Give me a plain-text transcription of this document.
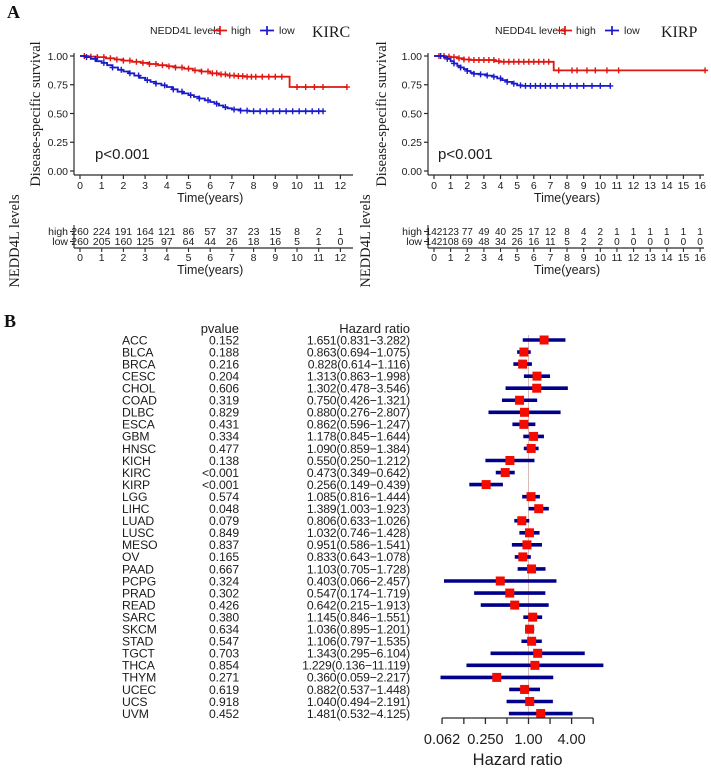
A
B
NEDD4L levels high	low KIRC
1.00
0.75
0.50
0.25
0.00
0 1 2 3 4 5 6 7 8 9 10 11 12
Time(years)
Disease-specific survival	p<0.001
NEDD4L levels high 260 224 191 164 121 86 57 37 23 15 8 2 1
low 260 205 160 125 97 64 44 26 18 16 5 1 0
0 1 2 3 4 5 6 7 8 9 10 11 12
Time(years)
NEDD4L levels high	low KIRP
1.00
0.75
0.50
0.25
0.00
0 1 2 3 4 5 6 7 8 9 10 11 12 13 14 15 16
Time(years)
Disease-specific survival	p<0.001
NEDD4L levels	high 142 123 77 49 40 25 17 12 8 4 2 1 1 1 1 1 1
low 142 108 69 48 34 26 16 11 5 2 2 0 0 0 0 0 0
0 1 2 3 4 5 6 7 8 9 10 11 12 13 14 15 16
Time(years)
pvalue	Hazard ratio
ACC	0.152	1.651(0.831−3.282)
BLCA	0.188	0.863(0.694−1.075)
BRCA	0.216	0.828(0.614−1.116)
CESC	0.204	1.313(0.863−1.998)
CHOL	0.606	1.302(0.478−3.546)
COAD	0.319	0.750(0.426−1.321)
DLBC	0.829	0.880(0.276−2.807)
ESCA	0.431	0.862(0.596−1.247)
GBM	0.334	1.178(0.845−1.644)
HNSC	0.477	1.090(0.859−1.384)
KICH	0.138	0.550(0.250−1.212)
KIRC	<0.001	0.473(0.349−0.642)
KIRP	<0.001	0.256(0.149−0.439)
LGG	0.574	1.085(0.816−1.444)
LIHC	0.048	1.389(1.003−1.923)
LUAD	0.079	0.806(0.633−1.026)
LUSC	0.849	1.032(0.746−1.428)
MESO	0.837	0.951(0.586−1.541)
OV	0.165	0.833(0.643−1.078)
PAAD	0.667	1.103(0.705−1.728)
PCPG	0.324	0.403(0.066−2.457)
PRAD	0.302	0.547(0.174−1.719)
READ	0.426	0.642(0.215−1.913)
SARC	0.380	1.145(0.846−1.551)
SKCM	0.634	1.036(0.895−1.201)
STAD	0.547	1.106(0.797−1.535)
TGCT	0.703	1.343(0.295−6.104)
THCA	0.854	1.229(0.136−11.119)
THYM	0.271	0.360(0.059−2.217)
UCEC	0.619	0.882(0.537−1.448)
UCS	0.918	1.040(0.494−2.191)
UVM	0.452	1.481(0.532−4.125)
0.062 0.250 1.00 4.00
Hazard ratio
